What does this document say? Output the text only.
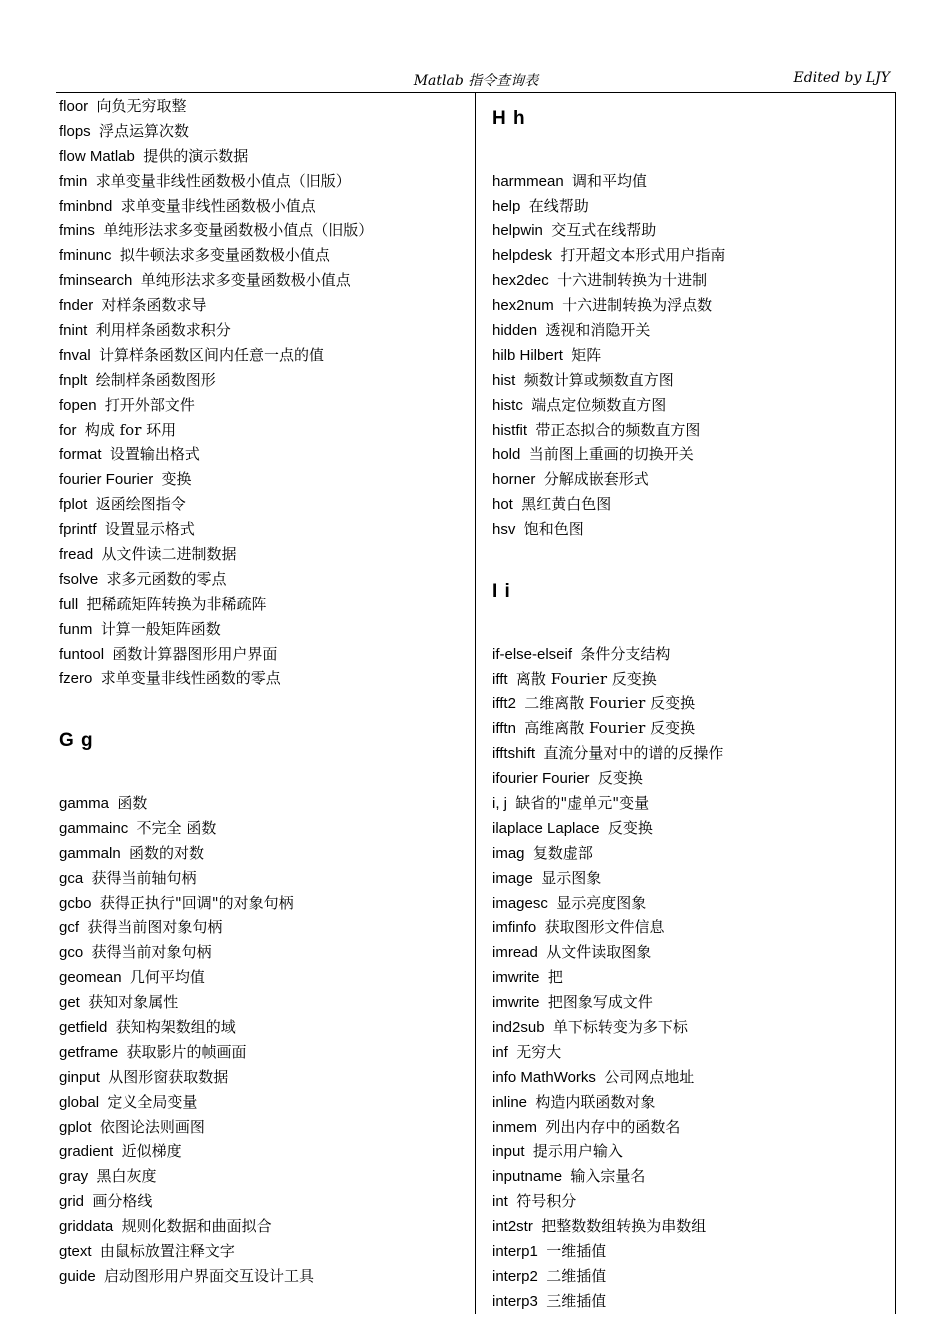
Matlab 指令查询表	Edited by LJY
floor 向负无穷取整
flops 浮点运算次数
flow Matlab 提供的演示数据
fmin 求单变量非线性函数极小值点（旧版）
fminbnd 求单变量非线性函数极小值点
fmins 单纯形法求多变量函数极小值点（旧版）
fminunc 拟牛顿法求多变量函数极小值点
fminsearch 单纯形法求多变量函数极小值点
fnder 对样条函数求导
fnint 利用样条函数求积分
fnval 计算样条函数区间内任意一点的值
fnplt 绘制样条函数图形
fopen 打开外部文件
for 构成 for 环用
format 设置输出格式
fourier Fourier 变换
fplot 返函绘图指令
fprintf 设置显示格式
fread 从文件读二进制数据
fsolve 求多元函数的零点
full 把稀疏矩阵转换为非稀疏阵
funm 计算一般矩阵函数
funtool 函数计算器图形用户界面
fzero 求单变量非线性函数的零点
G g
gamma 函数
gammainc 不完全 函数
gammaln 函数的对数
gca 获得当前轴句柄
gcbo 获得正执行"回调"的对象句柄
gcf 获得当前图对象句柄
gco 获得当前对象句柄
geomean 几何平均值
get 获知对象属性
getfield 获知构架数组的域
getframe 获取影片的帧画面
ginput 从图形窗获取数据
global 定义全局变量
gplot 依图论法则画图
gradient 近似梯度
gray 黑白灰度
grid 画分格线
griddata 规则化数据和曲面拟合
gtext 由鼠标放置注释文字
guide 启动图形用户界面交互设计工具
H h
harmmean 调和平均值
help 在线帮助
helpwin 交互式在线帮助
helpdesk 打开超文本形式用户指南
hex2dec 十六进制转换为十进制
hex2num 十六进制转换为浮点数
hidden 透视和消隐开关
hilb Hilbert 矩阵
hist 频数计算或频数直方图
histc 端点定位频数直方图
histfit 带正态拟合的频数直方图
hold 当前图上重画的切换开关
horner 分解成嵌套形式
hot 黑红黄白色图
hsv 饱和色图
I i
if-else-elseif 条件分支结构
ifft 离散 Fourier 反变换
ifft2 二维离散 Fourier 反变换
ifftn 高维离散 Fourier 反变换
ifftshift 直流分量对中的谱的反操作
ifourier Fourier 反变换
i, j 缺省的"虚单元"变量
ilaplace Laplace 反变换
imag 复数虚部
image 显示图象
imagesc 显示亮度图象
imfinfo 获取图形文件信息
imread 从文件读取图象
imwrite 把
imwrite 把图象写成文件
ind2sub 单下标转变为多下标
inf 无穷大
info MathWorks 公司网点地址
inline 构造内联函数对象
inmem 列出内存中的函数名
input 提示用户输入
inputname 输入宗量名
int 符号积分
int2str 把整数数组转换为串数组
interp1 一维插值
interp2 二维插值
interp3 三维插值
